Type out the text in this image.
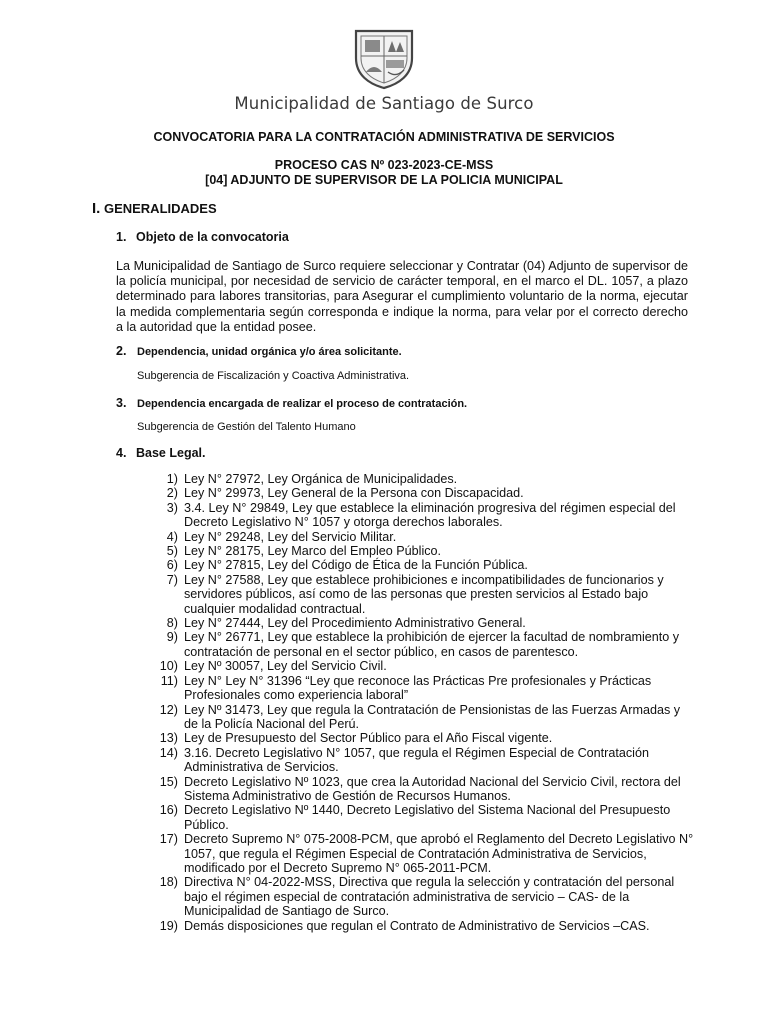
Municipalidad de Santiago de Surco
CONVOCATORIA PARA LA CONTRATACIÓN ADMINISTRATIVA DE SERVICIOS
PROCESO CAS Nº 023-2023-CE-MSS
[04] ADJUNTO DE SUPERVISOR DE LA POLICIA MUNICIPAL
I. GENERALIDADES
1. Objeto de la convocatoria

La Municipalidad de Santiago de Surco requiere seleccionar y Contratar (04) Adjunto de supervisor de la policía municipal, por necesidad de servicio de carácter temporal, en el marco el DL. 1057, a plazo determinado para labores transitorias, para Asegurar el cumplimiento voluntario de la norma, ejecutar la medida complementaria según corresponda e indique la norma, para velar por el correcto derecho a la autoridad que la entidad posee.

2. Dependencia, unidad orgánica y/o área solicitante.
Subgerencia de Fiscalización y Coactiva Administrativa.
3. Dependencia encargada de realizar el proceso de contratación.
Subgerencia de Gestión del Talento Humano
4. Base Legal.
1) Ley N° 27972, Ley Orgánica de Municipalidades.
2) Ley N° 29973, Ley General de la Persona con Discapacidad.
3) 3.4. Ley N° 29849, Ley que establece la eliminación progresiva del régimen especial del Decreto Legislativo N° 1057 y otorga derechos laborales.
4) Ley N° 29248, Ley del Servicio Militar.
5) Ley N° 28175, Ley Marco del Empleo Público.
6) Ley N° 27815, Ley del Código de Ética de la Función Pública.
7) Ley N° 27588, Ley que establece prohibiciones e incompatibilidades de funcionarios y servidores públicos, así como de las personas que presten servicios al Estado bajo cualquier modalidad contractual.
8) Ley N° 27444, Ley del Procedimiento Administrativo General.
9) Ley N° 26771, Ley que establece la prohibición de ejercer la facultad de nombramiento y contratación de personal en el sector público, en casos de parentesco.
10) Ley Nº 30057, Ley del Servicio Civil.
11) Ley N° Ley N° 31396 “Ley que reconoce las Prácticas Pre profesionales y Prácticas Profesionales como experiencia laboral”
12) Ley Nº 31473, Ley que regula la Contratación de Pensionistas de las Fuerzas Armadas y de la Policía Nacional del Perú.
13) Ley de Presupuesto del Sector Público para el Año Fiscal vigente.
14) 3.16. Decreto Legislativo N° 1057, que regula el Régimen Especial de Contratación Administrativa de Servicios.
15) Decreto Legislativo Nº 1023, que crea la Autoridad Nacional del Servicio Civil, rectora del Sistema Administrativo de Gestión de Recursos Humanos.
16) Decreto Legislativo Nº 1440, Decreto Legislativo del Sistema Nacional del Presupuesto Público.
17) Decreto Supremo N° 075-2008-PCM, que aprobó el Reglamento del Decreto Legislativo N° 1057, que regula el Régimen Especial de Contratación Administrativa de Servicios, modificado por el Decreto Supremo N° 065-2011-PCM.
18) Directiva N° 04-2022-MSS, Directiva que regula la selección y contratación del personal bajo el régimen especial de contratación administrativa de servicio – CAS- de la Municipalidad de Santiago de Surco.
19) Demás disposiciones que regulan el Contrato de Administrativo de Servicios –CAS.
